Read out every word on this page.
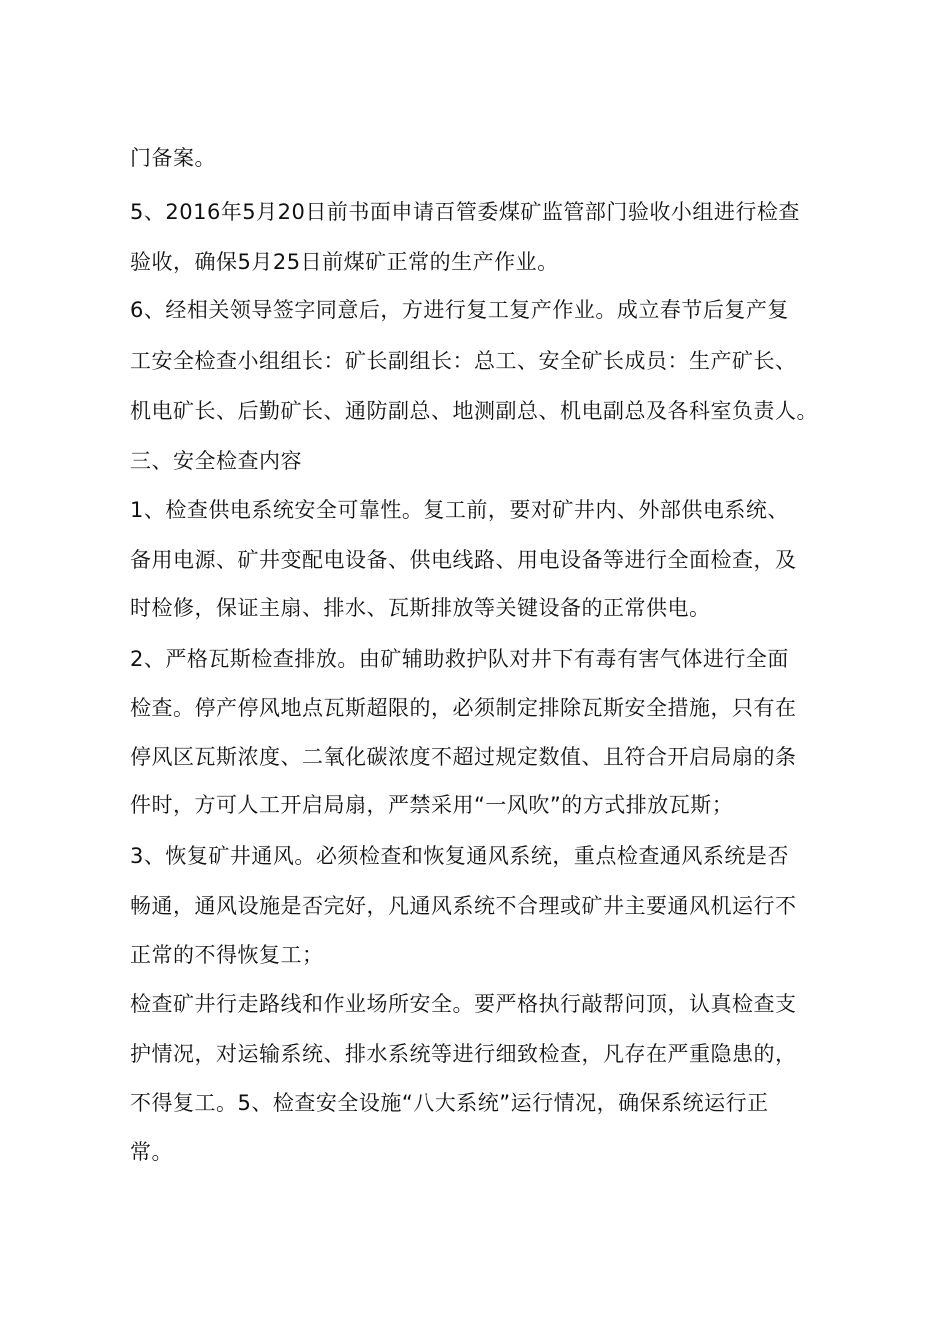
门备案。
5、2016年5月20日前书面申请百管委煤矿监管部门验收小组进行检查
验收，确保5月25日前煤矿正常的生产作业。
6、经相关领导签字同意后，方进行复工复产作业。成立春节后复产复
工安全检查小组组长：矿长副组长：总工、安全矿长成员：生产矿长、
机电矿长、后勤矿长、通防副总、地测副总、机电副总及各科室负责人。
三、安全检查内容
1、检查供电系统安全可靠性。复工前，要对矿井内、外部供电系统、
备用电源、矿井变配电设备、供电线路、用电设备等进行全面检查，及
时检修，保证主扇、排水、瓦斯排放等关键设备的正常供电。
2、严格瓦斯检查排放。由矿辅助救护队对井下有毒有害气体进行全面
检查。停产停风地点瓦斯超限的，必须制定排除瓦斯安全措施，只有在
停风区瓦斯浓度、二氧化碳浓度不超过规定数值、且符合开启局扇的条
件时，方可人工开启局扇，严禁采用“一风吹”的方式排放瓦斯；
3、恢复矿井通风。必须检查和恢复通风系统，重点检查通风系统是否
畅通，通风设施是否完好，凡通风系统不合理或矿井主要通风机运行不
正常的不得恢复工；
检查矿井行走路线和作业场所安全。要严格执行敲帮问顶，认真检查支
护情况，对运输系统、排水系统等进行细致检查，凡存在严重隐患的，
不得复工。5、检查安全设施“八大系统”运行情况，确保系统运行正
常。
